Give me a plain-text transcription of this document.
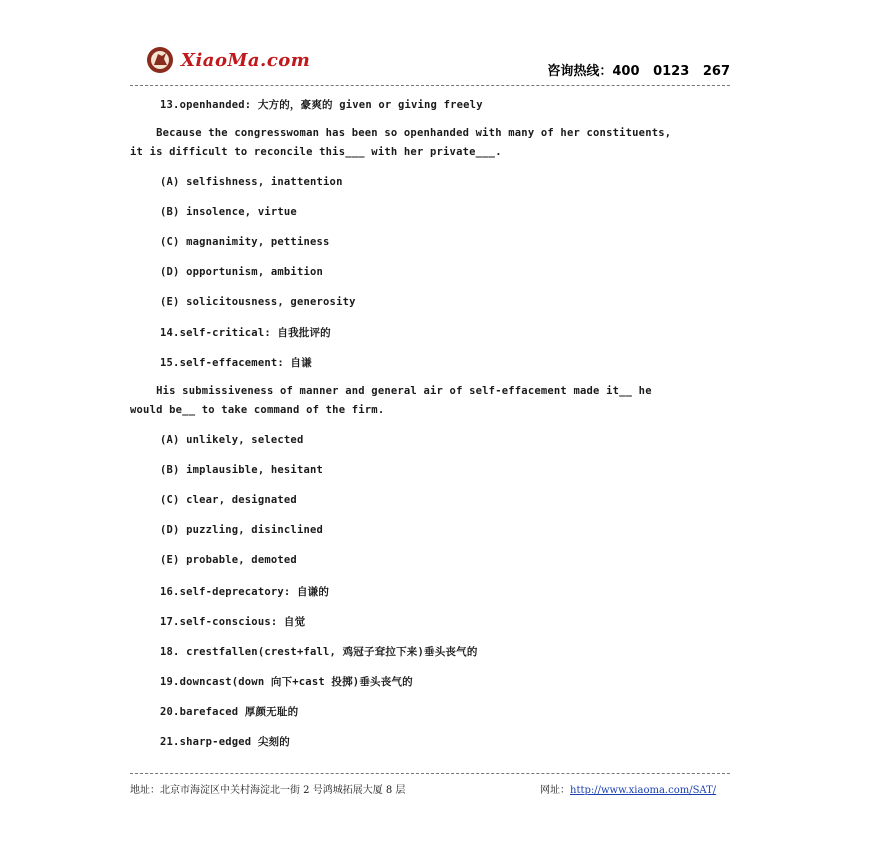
XiaoMa.com
咨询热线：400   0123   267
13.openhanded: 大方的，豪爽的 given or giving freely
Because the congresswoman has been so openhanded with many of her constituents,
it is difficult to reconcile this___ with her private___.
(A) selfishness, inattention
(B) insolence, virtue
(C) magnanimity, pettiness
(D) opportunism, ambition
(E) solicitousness, generosity
14.self-critical: 自我批评的
15.self-effacement: 自谦
His submissiveness of manner and general air of self-effacement made it__ he
would be__ to take command of the firm.
(A) unlikely, selected
(B) implausible, hesitant
(C) clear, designated
(D) puzzling, disinclined
(E) probable, demoted
16.self-deprecatory: 自谦的
17.self-conscious: 自觉
18. crestfallen(crest+fall, 鸡冠子耷拉下来)垂头丧气的
19.downcast(down 向下+cast 投掷)垂头丧气的
20.barefaced 厚颜无耻的
21.sharp-edged 尖刻的
地址：北京市海淀区中关村海淀北一街 2 号鸿城拓展大厦 8 层	网址：http://www.xiaoma.com/SAT/
